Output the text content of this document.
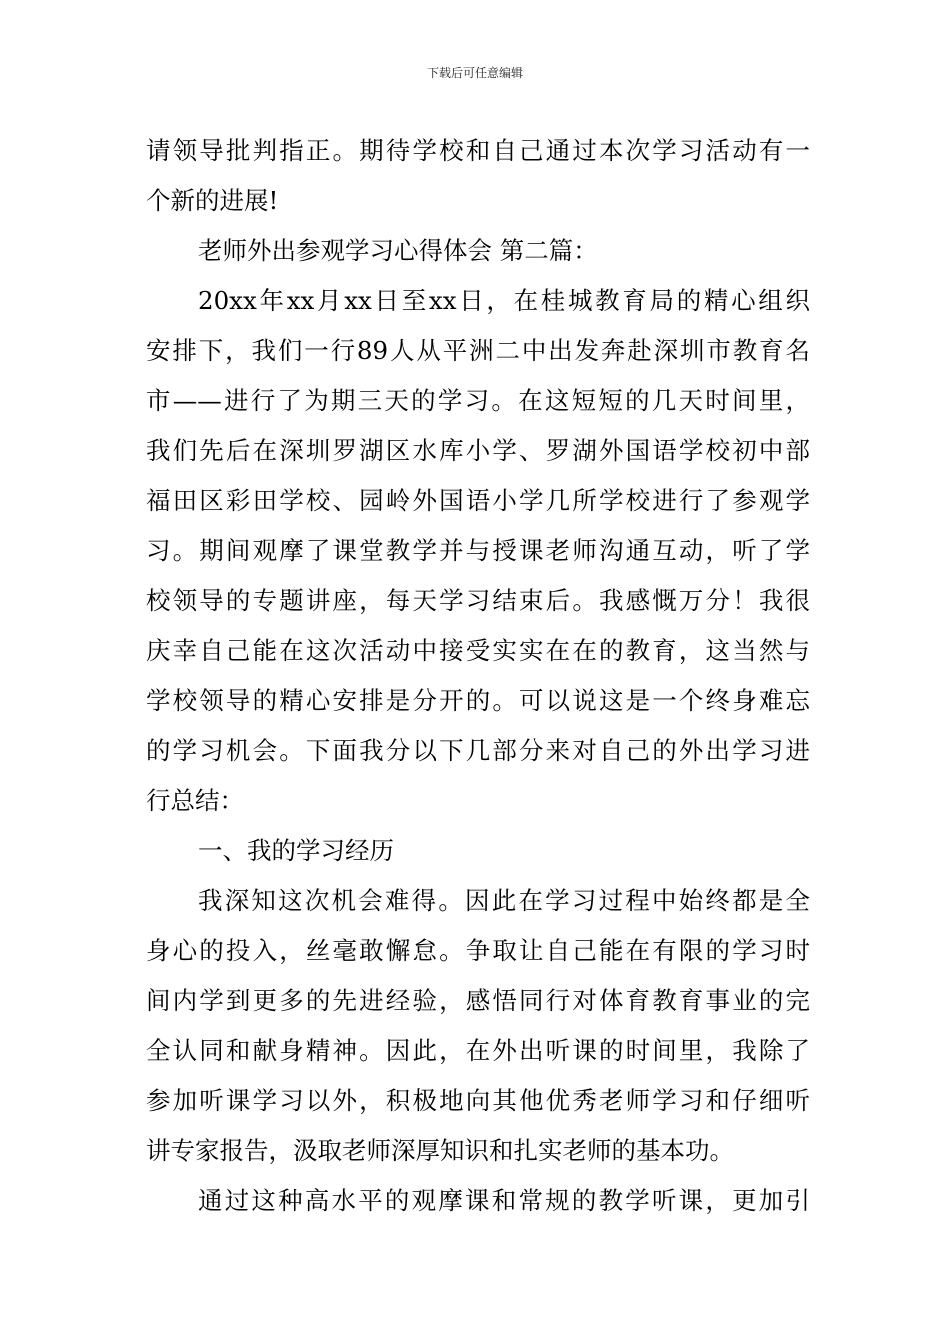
下载后可任意编辑
请领导批判指正。期待学校和自己通过本次学习活动有一
个新的进展!
老师外出参观学习心得体会 第二篇：
20xx年xx月xx日至xx日，在桂城教育局的精心组织
安排下，我们一行89人从平洲二中出发奔赴深圳市教育名
市——进行了为期三天的学习。在这短短的几天时间里，
我们先后在深圳罗湖区水库小学、罗湖外国语学校初中部
福田区彩田学校、园岭外国语小学几所学校进行了参观学
习。期间观摩了课堂教学并与授课老师沟通互动，听了学
校领导的专题讲座，每天学习结束后。我感慨万分！我很
庆幸自己能在这次活动中接受实实在在的教育，这当然与
学校领导的精心安排是分开的。可以说这是一个终身难忘
的学习机会。下面我分以下几部分来对自己的外出学习进
行总结：
一、我的学习经历
我深知这次机会难得。因此在学习过程中始终都是全
身心的投入，丝毫敢懈怠。争取让自己能在有限的学习时
间内学到更多的先进经验，感悟同行对体育教育事业的完
全认同和献身精神。因此，在外出听课的时间里，我除了
参加听课学习以外，积极地向其他优秀老师学习和仔细听
讲专家报告，汲取老师深厚知识和扎实老师的基本功。
通过这种高水平的观摩课和常规的教学听课，更加引
